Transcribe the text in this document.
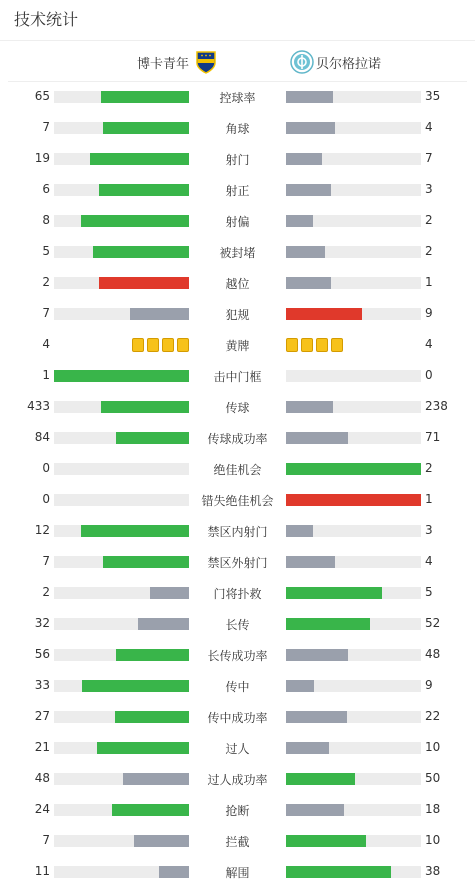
技术统计
博卡青年	贝尔格拉诺
65	控球率	35
7	角球	4
19	射门	7
6	射正	3
8	射偏	2
5	被封堵	2
2	越位	1
7	犯规	9
4	黄牌	4
1	击中门框	0
433	传球	238
84	传球成功率	71
0	绝佳机会	2
0	错失绝佳机会	1
12	禁区内射门	3
7	禁区外射门	4
2	门将扑救	5
32	长传	52
56	长传成功率	48
33	传中	9
27	传中成功率	22
21	过人	10
48	过人成功率	50
24	抢断	18
7	拦截	10
11	解围	38
